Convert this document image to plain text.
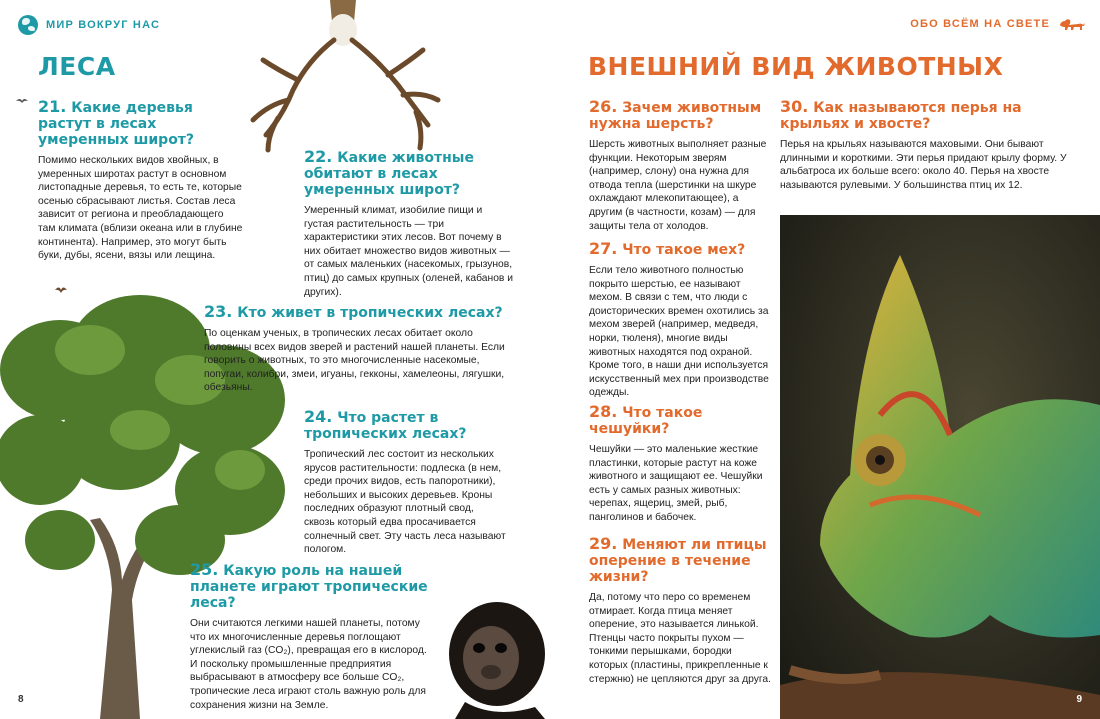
МИР ВОКРУГ НАС	ОБО ВСЁМ НА СВЕТЕ
ЛЕСА	ВНЕШНИЙ ВИД ЖИВОТНЫХ
21. Какие деревья растут в лесах умеренных широт?

Помимо нескольких видов хвойных, в умеренных широтах растут в основном листопадные деревья, то есть те, которые осенью сбрасывают листья. Состав леса зависит от региона и преобладающего там климата (вблизи океана или в глубине континента). Например, это могут быть буки, дубы, ясени, вязы или лещина.

22. Какие животные обитают в лесах умеренных широт?

Умеренный климат, изобилие пищи и густая растительность — три характеристики этих лесов. Вот почему в них обитает множество видов животных — от самых маленьких (насекомых, грызунов, птиц) до самых крупных (оленей, кабанов и других).

23. Кто живет в тропических лесах?

По оценкам ученых, в тропических лесах обитает около половины всех видов зверей и растений нашей планеты. Если говорить о животных, то это многочисленные насекомые, попугаи, колибри, змеи, игуаны, гекконы, хамелеоны, лягушки, обезьяны.

24. Что растет в тропических лесах?

Тропический лес состоит из нескольких ярусов растительности: подлеска (в нем, среди прочих видов, есть папоротники), небольших и высоких деревьев. Кроны последних образуют плотный свод, сквозь который едва просачивается солнечный свет. Эту часть леса называют пологом.

25. Какую роль на нашей планете играют тропические леса?

Они считаются легкими нашей планеты, потому что их многочисленные деревья поглощают углекислый газ (CO₂), превращая его в кислород. И поскольку промышленные предприятия выбрасывают в атмосферу все больше CO₂, тропические леса играют столь важную роль для сохранения жизни на Земле.

26. Зачем животным нужна шерсть?

Шерсть животных выполняет разные функции. Некоторым зверям (например, слону) она нужна для отвода тепла (шерстинки на шкуре охлаждают млекопитающее), а другим (в частности, козам) — для защиты тела от холодов.

27. Что такое мех?

Если тело животного полностью покрыто шерстью, ее называют мехом. В связи с тем, что люди с доисторических времен охотились за мехом зверей (например, медведя, норки, тюленя), многие виды животных находятся под охраной. Кроме того, в наши дни используется искусственный мех при производстве одежды.

28. Что такое чешуйки?

Чешуйки — это маленькие жесткие пластинки, которые растут на коже животного и защищают ее. Чешуйки есть у самых разных животных: черепах, ящериц, змей, рыб, панголинов и бабочек.

29. Меняют ли птицы оперение в течение жизни?

Да, потому что перо со временем отмирает. Когда птица меняет оперение, это называется линькой. Птенцы часто покрыты пухом — тонкими перышками, бородки которых (пластины, прикрепленные к стержню) не цепляются друг за друга.

30. Как называются перья на крыльях и хвосте?

Перья на крыльях называются маховыми. Они бывают длинными и короткими. Эти перья придают крылу форму. У альбатроса их больше всего: около 40. Перья на хвосте называются рулевыми. У большинства птиц их 12.

8	9
